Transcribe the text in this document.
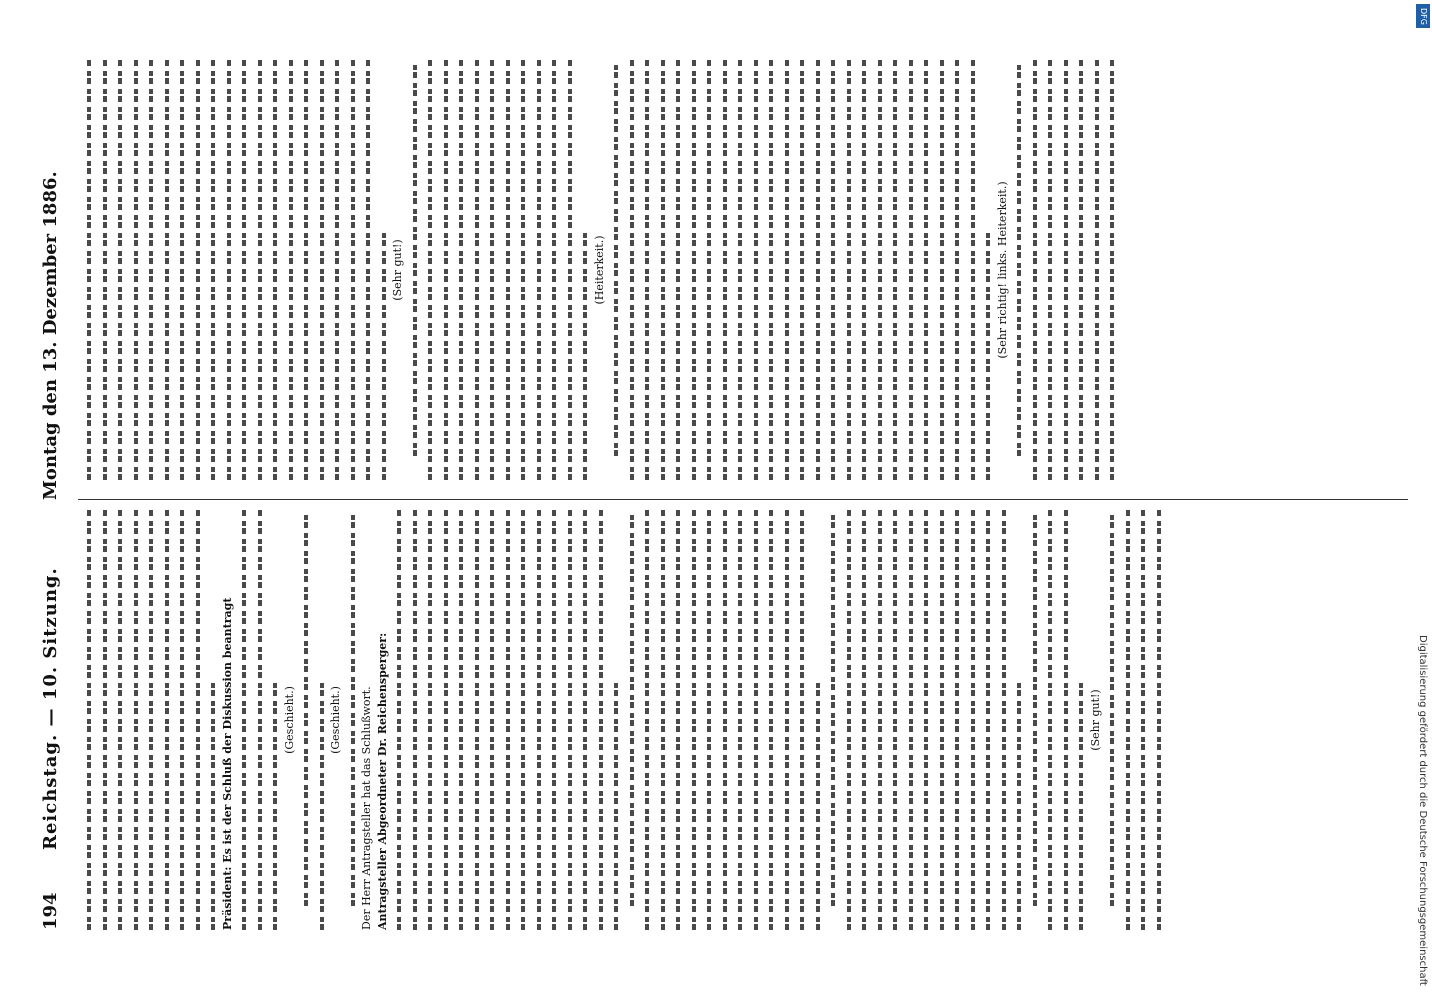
194
Reichstag. — 10. Sitzung.
Montag den 13. Dezember 1886.
Präsident: Es ist der Schluß der Diskussion beantragt	(Geschieht.)	(Geschieht.) Der Herr Antragsteller hat das Schlußwort. Antragsteller Abgeordneter Dr. Reichensperger:	(Sehr gut!)
(Sehr gut!)	(Heiterkeit.)	(Sehr richtig! links. Heiterkeit.)
Digitalisierung gefördert durch die Deutsche Forschungsgemeinschaft
DFG
